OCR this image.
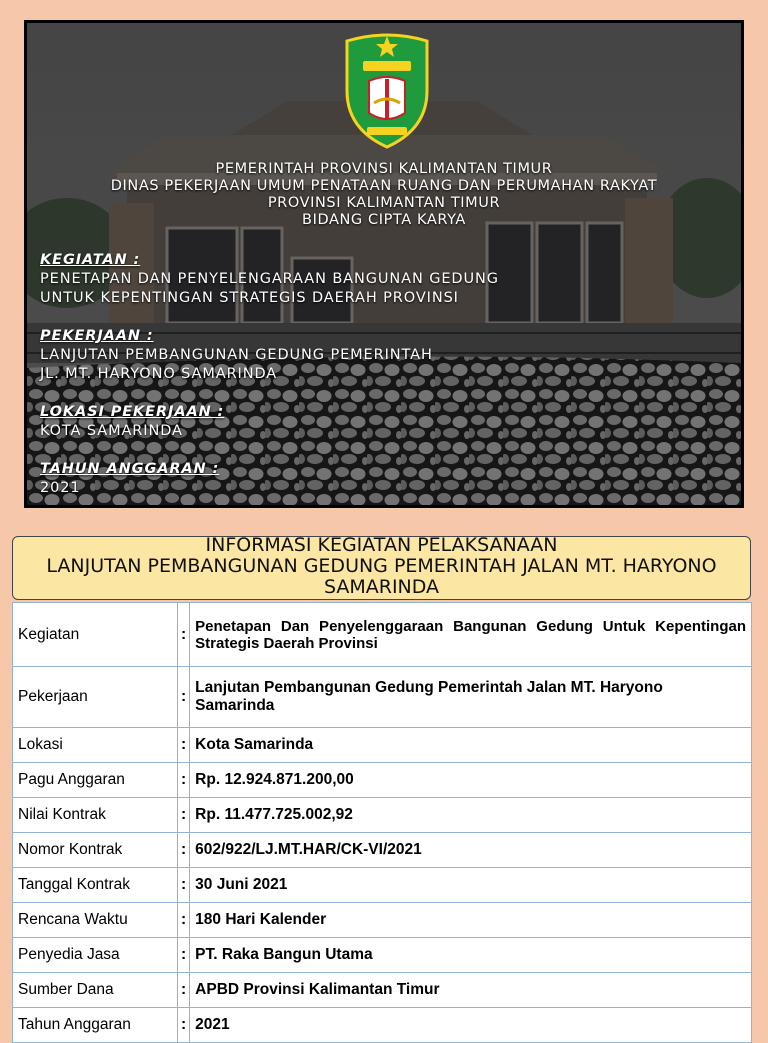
PEMERINTAH PROVINSI KALIMANTAN TIMUR
DINAS PEKERJAAN UMUM PENATAAN RUANG DAN PERUMAHAN RAKYAT
PROVINSI KALIMANTAN TIMUR
BIDANG CIPTA KARYA
KEGIATAN :
PENETAPAN DAN PENYELENGARAAN BANGUNAN GEDUNG
UNTUK KEPENTINGAN STRATEGIS DAERAH PROVINSI
PEKERJAAN :
LANJUTAN PEMBANGUNAN GEDUNG PEMERINTAH
JL. MT. HARYONO SAMARINDA
LOKASI PEKERJAAN :
KOTA SAMARINDA
TAHUN ANGGARAN :
2021
INFORMASI KEGIATAN PELAKSANAAN
LANJUTAN PEMBANGUNAN GEDUNG PEMERINTAH JALAN MT. HARYONO SAMARINDA
Kegiatan	:	Penetapan Dan Penyelenggaraan Bangunan Gedung Untuk Kepentingan Strategis Daerah Provinsi
Pekerjaan	:	Lanjutan Pembangunan Gedung Pemerintah Jalan MT. Haryono Samarinda
Lokasi	:	Kota Samarinda
Pagu Anggaran	:	Rp. 12.924.871.200,00
Nilai Kontrak	:	Rp. 11.477.725.002,92
Nomor Kontrak	:	602/922/LJ.MT.HAR/CK-VI/2021
Tanggal Kontrak	:	30 Juni 2021
Rencana Waktu	:	180 Hari Kalender
Penyedia Jasa	:	PT. Raka Bangun Utama
Sumber Dana	:	APBD Provinsi Kalimantan Timur
Tahun Anggaran	:	2021
